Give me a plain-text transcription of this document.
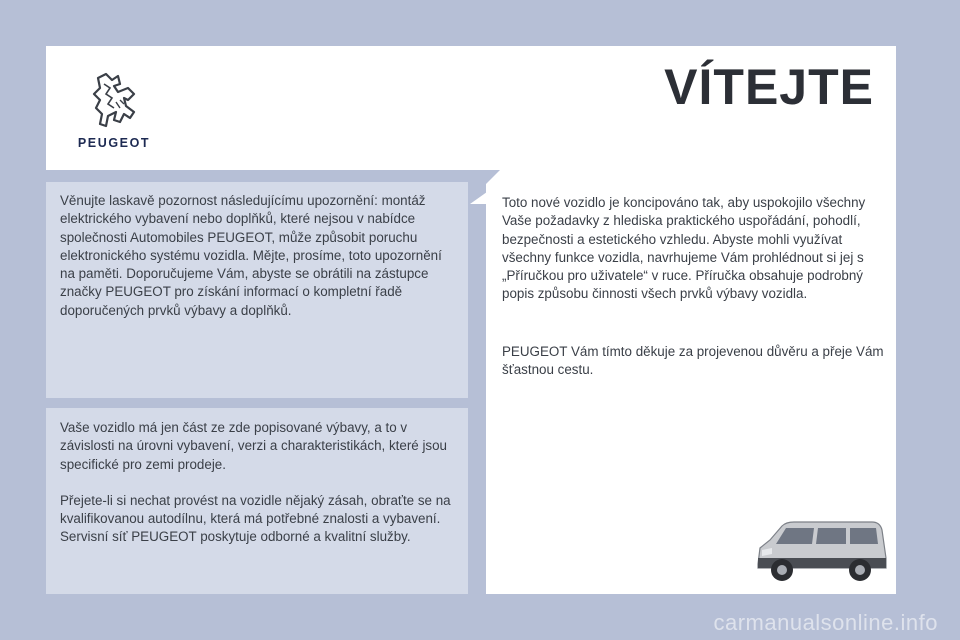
PEUGEOT
VÍTEJTE

Věnujte laskavě pozornost následujícímu upozornění: montáž elektrického vybavení nebo doplňků, které nejsou v nabídce společnosti Automobiles PEUGEOT, může způsobit poruchu elektronického systému vozidla. Mějte, prosíme, toto upozornění na paměti. Doporučujeme Vám, abyste se obrátili na zástupce značky PEUGEOT pro získání informací o kompletní řadě doporučených prvků výbavy a doplňků.

Vaše vozidlo má jen část ze zde popisované výbavy, a to v závislosti na úrovni vybavení, verzi a charakteristikách, které jsou specifické pro zemi prodeje.

Přejete-li si nechat provést na vozidle nějaký zásah, obraťte se na kvalifikovanou autodílnu, která má potřebné znalosti a vybavení. Servisní síť PEUGEOT poskytuje odborné a kvalitní služby.

Toto nové vozidlo je koncipováno tak, aby uspokojilo všechny Vaše požadavky z hlediska praktického uspořádání, pohodlí, bezpečnosti a estetického vzhledu. Abyste mohli využívat všechny funkce vozidla, navrhujeme Vám prohlédnout si jej s „Příručkou pro uživatele“ v ruce. Příručka obsahuje podrobný popis způsobu činnosti všech prvků výbavy vozidla.

PEUGEOT Vám tímto děkuje za projevenou důvěru a přeje Vám šťastnou cestu.

carmanualsonline.info
